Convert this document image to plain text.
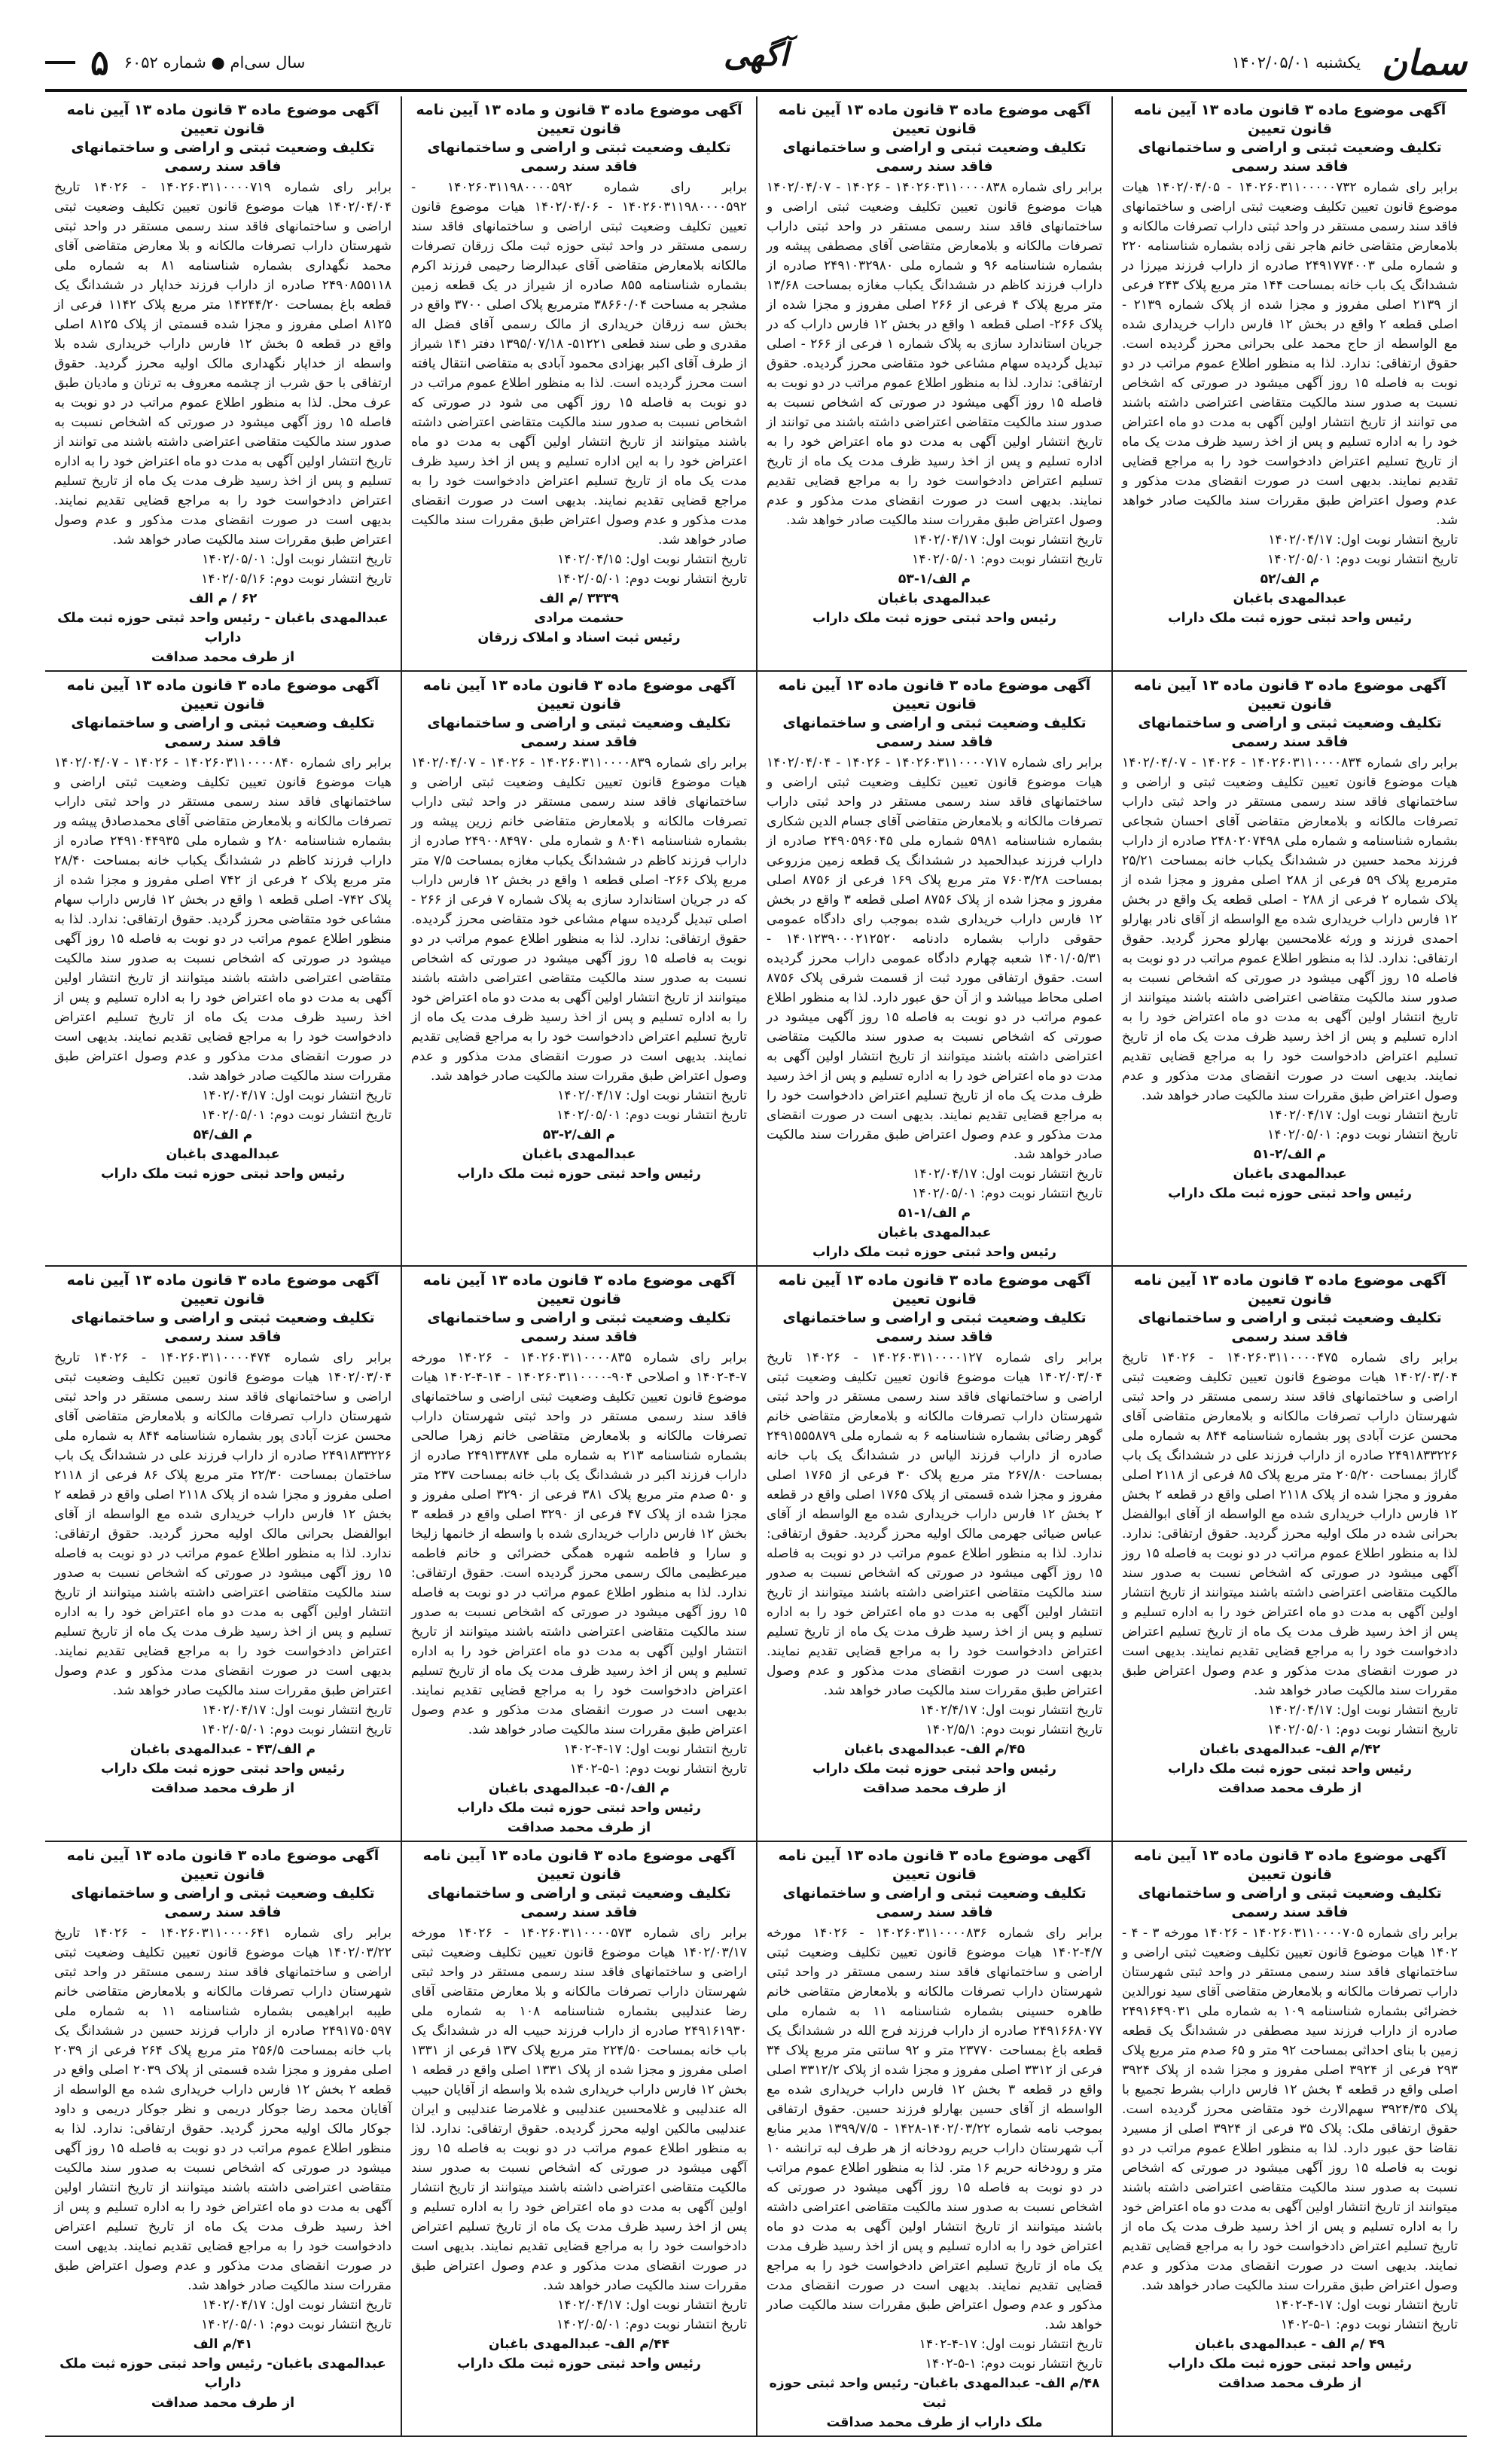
سمان
یکشنبه ۱۴۰۲/۰۵/۰۱
آگهی
سال سی‌ام ● شماره ۶۰۵۲
۵
آگهی موضوع ماده ۳ قانون ماده ۱۳ آیین نامه قانون تعیین
تکلیف وضعیت ثبتی و اراضی و ساختمانهای فاقد سند رسمی
برابر رای شماره ۱۴۰۲۶۰۳۱۱۰۰۰۰۰۷۳۲ - ۱۴۰۲/۰۴/۰۵ هیات موضوع قانون تعیین تکلیف وضعیت ثبتی اراضی و ساختمانهای فاقد سند رسمی مستقر در واحد ثبتی داراب تصرفات مالکانه و بلامعارض متقاضی خانم هاجر نقی زاده بشماره شناسنامه ۲۲۰ و شماره ملی ۲۴۹۱۷۷۴۰۰۳ صادره از داراب فرزند میرزا در ششدانگ یک باب خانه بمساحت ۱۴۴ متر مربع پلاک ۲۴۳ فرعی از ۲۱۳۹ اصلی مفروز و مجزا شده از پلاک شماره ۲۱۳۹ - اصلی قطعه ۲ واقع در بخش ۱۲ فارس داراب خریداری شده مع الواسطه از حاج محمد علی بحرانی محرز گردیده است. حقوق ارتفاقی: ندارد. لذا به منظور اطلاع عموم مراتب در دو نوبت به فاصله ۱۵ روز آگهی میشود در صورتی که اشخاص نسبت به صدور سند مالکیت متقاضی اعتراضی داشته باشند می توانند از تاریخ انتشار اولین آگهی به مدت دو ماه اعتراض خود را به اداره تسلیم و پس از اخذ رسید ظرف مدت یک ماه از تاریخ تسلیم اعتراض دادخواست خود را به مراجع قضایی تقدیم نمایند. بدیهی است در صورت انقضای مدت مذکور و عدم وصول اعتراض طبق مقررات سند مالکیت صادر خواهد شد.
تاریخ انتشار نوبت اول: ۱۴۰۲/۰۴/۱۷
تاریخ انتشار نوبت دوم: ۱۴۰۲/۰۵/۰۱
م الف/۵۲
عبدالمهدی باغبان
رئیس واحد ثبتی حوزه ثبت ملک داراب
آگهی موضوع ماده ۳ قانون ماده ۱۳ آیین نامه قانون تعیین
تکلیف وضعیت ثبتی و اراضی و ساختمانهای فاقد سند رسمی
برابر رای شماره ۱۴۰۲۶۰۳۱۱۰۰۰۰۸۳۸ - ۱۴۰۲۶ - ۱۴۰۲/۰۴/۰۷ هیات موضوع قانون تعیین تکلیف وضعیت ثبتی اراضی و ساختمانهای فاقد سند رسمی مستقر در واحد ثبتی داراب تصرفات مالکانه و بلامعارض متقاضی آقای مصطفی پیشه ور بشماره شناسنامه ۹۶ و شماره ملی ۲۴۹۱۰۳۲۹۸۰ صادره از داراب فرزند کاظم در ششدانگ یکباب مغازه بمساحت ۱۳/۶۸ متر مربع پلاک ۴ فرعی از ۲۶۶ اصلی مفروز و مجزا شده از پلاک ۲۶۶- اصلی قطعه ۱ واقع در بخش ۱۲ فارس داراب که در جریان استاندارد سازی به پلاک شماره ۱ فرعی از ۲۶۶ - اصلی تبدیل گردیده سهام مشاعی خود متقاضی محرز گردیده. حقوق ارتفاقی: ندارد. لذا به منظور اطلاع عموم مراتب در دو نوبت به فاصله ۱۵ روز آگهی میشود در صورتی که اشخاص نسبت به صدور سند مالکیت متقاضی اعتراضی داشته باشند می توانند از تاریخ انتشار اولین آگهی به مدت دو ماه اعتراض خود را به اداره تسلیم و پس از اخذ رسید ظرف مدت یک ماه از تاریخ تسلیم اعتراض دادخواست خود را به مراجع قضایی تقدیم نمایند. بدیهی است در صورت انقضای مدت مذکور و عدم وصول اعتراض طبق مقررات سند مالکیت صادر خواهد شد.
تاریخ انتشار نوبت اول: ۱۴۰۲/۰۴/۱۷
تاریخ انتشار نوبت دوم: ۱۴۰۲/۰۵/۰۱
م الف/۱-۵۳
عبدالمهدی باغبان
رئیس واحد ثبتی حوزه ثبت ملک داراب
آگهی موضوع ماده ۳ قانون و ماده ۱۳ آیین نامه قانون تعیین
تکلیف وضعیت ثبتی و اراضی و ساختمانهای فاقد سند رسمی
برابر رای شماره ۱۴۰۲۶۰۳۱۱۹۸۰۰۰۰۵۹۲ - ۱۴۰۲۶۰۳۱۱۹۸۰۰۰۰۵۹۲ - ۱۴۰۲/۰۴/۰۶ هیات موضوع قانون تعیین تکلیف وضعیت ثبتی اراضی و ساختمانهای فاقد سند رسمی مستقر در واحد ثبتی حوزه ثبت ملک زرقان تصرفات مالکانه بلامعارض متقاضی آقای عبدالرضا رحیمی فرزند اکرم بشماره شناسنامه ۸۵۵ صادره از شیراز در یک قطعه زمین مشجر به مساحت ۳۸۶۶۰/۰۴ مترمربع پلاک اصلی ۳۷۰۰ واقع در بخش سه زرقان خریداری از مالک رسمی آقای فضل اله مقدری و طی سند قطعی ۵۱۲۲۱- ۱۳۹۵/۰۷/۱۸ دفتر ۱۴۱ شیراز از طرف آقای اکبر بهزادی محمود آبادی به متقاضی انتقال یافته است محرز گردیده است. لذا به منظور اطلاع عموم مراتب در دو نوبت به فاصله ۱۵ روز آگهی می شود در صورتی که اشخاص نسبت به صدور سند مالکیت متقاضی اعتراضی داشته باشند میتوانند از تاریخ انتشار اولین آگهی به مدت دو ماه اعتراض خود را به این اداره تسلیم و پس از اخذ رسید ظرف مدت یک ماه از تاریخ تسلیم اعتراض دادخواست خود را به مراجع قضایی تقدیم نمایند. بدیهی است در صورت انقضای مدت مذکور و عدم وصول اعتراض طبق مقررات سند مالکیت صادر خواهد شد.
تاریخ انتشار نوبت اول: ۱۴۰۲/۰۴/۱۵
تاریخ انتشار نوبت دوم: ۱۴۰۲/۰۵/۰۱
۳۳۳۹ /م الف
حشمت مرادی
رئیس ثبت اسناد و املاک زرقان
آگهی موضوع ماده ۳ قانون ماده ۱۳ آیین نامه قانون تعیین
تکلیف وضعیت ثبتی و اراضی و ساختمانهای فاقد سند رسمی
برابر رای شماره ۱۴۰۲۶۰۳۱۱۰۰۰۰۷۱۹ - ۱۴۰۲۶ تاریخ ۱۴۰۲/۰۴/۰۴ هیات موضوع قانون تعیین تکلیف وضعیت ثبتی اراضی و ساختمانهای فاقد سند رسمی مستقر در واحد ثبتی شهرستان داراب تصرفات مالکانه و بلا معارض متقاضی آقای محمد نگهداری بشماره شناسنامه ۸۱ به شماره ملی ۲۴۹۰۸۵۵۱۱۸ صادره از داراب فرزند خداپار در ششدانگ یک قطعه باغ بمساحت ۱۴۲۴۴/۲۰ متر مربع پلاک ۱۱۴۲ فرعی از ۸۱۲۵ اصلی مفروز و مجزا شده قسمتی از پلاک ۸۱۲۵ اصلی واقع در قطعه ۵ بخش ۱۲ فارس داراب خریداری شده بلا واسطه از خداپار نگهداری مالک اولیه محرز گردید. حقوق ارتفاقی با حق شرب از چشمه معروف به ترنان و مادیان طبق عرف محل. لذا به منظور اطلاع عموم مراتب در دو نوبت به فاصله ۱۵ روز آگهی میشود در صورتی که اشخاص نسبت به صدور سند مالکیت متقاضی اعتراضی داشته باشند می توانند از تاریخ انتشار اولین آگهی به مدت دو ماه اعتراض خود را به اداره تسلیم و پس از اخذ رسید ظرف مدت یک ماه از تاریخ تسلیم اعتراض دادخواست خود را به مراجع قضایی تقدیم نمایند. بدیهی است در صورت انقضای مدت مذکور و عدم وصول اعتراض طبق مقررات سند مالکیت صادر خواهد شد.
تاریخ انتشار نوبت اول: ۱۴۰۲/۰۵/۰۱
تاریخ انتشار نوبت دوم: ۱۴۰۲/۰۵/۱۶
۶۲ / م الف
عبدالمهدی باغبان - رئیس واحد ثبتی حوزه ثبت ملک داراب
از طرف محمد صداقت
آگهی موضوع ماده ۳ قانون ماده ۱۳ آیین نامه قانون تعیین
تکلیف وضعیت ثبتی و اراضی و ساختمانهای فاقد سند رسمی
برابر رای شماره ۱۴۰۲۶۰۳۱۱۰۰۰۰۸۳۴ - ۱۴۰۲۶ - ۱۴۰۲/۰۴/۰۷ هیات موضوع قانون تعیین تکلیف وضعیت ثبتی و اراضی و ساختمانهای فاقد سند رسمی مستقر در واحد ثبتی داراب تصرفات مالکانه و بلامعارض متقاضی آقای احسان شجاعی بشماره شناسنامه و شماره ملی ۲۴۸۰۲۰۷۴۹۸ صادره از داراب فرزند محمد حسین در ششدانگ یکباب خانه بمساحت ۲۵/۲۱ مترمربع پلاک ۵۹ فرعی از ۲۸۸ اصلی مفروز و مجزا شده از پلاک شماره ۲ فرعی از ۲۸۸ - اصلی قطعه یک واقع در بخش ۱۲ فارس داراب خریداری شده مع الواسطه از آقای نادر بهارلو احمدی فرزند و ورثه غلامحسین بهارلو محرز گردید. حقوق ارتفاقی: ندارد. لذا به منظور اطلاع عموم مراتب در دو نوبت به فاصله ۱۵ روز آگهی میشود در صورتی که اشخاص نسبت به صدور سند مالکیت متقاضی اعتراضی داشته باشند میتوانند از تاریخ انتشار اولین آگهی به مدت دو ماه اعتراض خود را به اداره تسلیم و پس از اخذ رسید ظرف مدت یک ماه از تاریخ تسلیم اعتراض دادخواست خود را به مراجع قضایی تقدیم نمایند. بدیهی است در صورت انقضای مدت مذکور و عدم وصول اعتراض طبق مقررات سند مالکیت صادر خواهد شد.
تاریخ انتشار نوبت اول: ۱۴۰۲/۰۴/۱۷
تاریخ انتشار نوبت دوم: ۱۴۰۲/۰۵/۰۱
م الف/۲-۵۱
عبدالمهدی باغبان
رئیس واحد ثبتی حوزه ثبت ملک داراب
آگهی موضوع ماده ۳ قانون ماده ۱۳ آیین نامه قانون تعیین
تکلیف وضعیت ثبتی و اراضی و ساختمانهای فاقد سند رسمی
برابر رای شماره ۱۴۰۲۶۰۳۱۱۰۰۰۰۷۱۷ - ۱۴۰۲۶ - ۱۴۰۲/۰۴/۰۴ هیات موضوع قانون تعیین تکلیف وضعیت ثبتی اراضی و ساختمانهای فاقد سند رسمی مستقر در واحد ثبتی داراب تصرفات مالکانه و بلامعارض متقاضی آقای جسام الدین شکاری بشماره شناسنامه ۵۹۸۱ شماره ملی ۲۴۹۰۵۹۶۰۴۵ صادره از داراب فرزند عبدالحمید در ششدانگ یک قطعه زمین مزروعی بمساحت ۷۶۰۳/۲۸ متر مربع پلاک ۱۶۹ فرعی از ۸۷۵۶ اصلی مفروز و مجزا شده از پلاک ۸۷۵۶ اصلی قطعه ۳ واقع در بخش ۱۲ فارس داراب خریداری شده بموجب رای دادگاه عمومی حقوقی داراب بشماره دادنامه ۱۴۰۱۲۳۹۰۰۰۲۱۲۵۲۰ - ۱۴۰۱/۰۵/۳۱ شعبه چهارم دادگاه عمومی داراب محرز گردیده است. حقوق ارتفاقی مورد ثبت از قسمت شرقی پلاک ۸۷۵۶ اصلی محاط میباشد و از آن حق عبور دارد. لذا به منظور اطلاع عموم مراتب در دو نوبت به فاصله ۱۵ روز آگهی میشود در صورتی که اشخاص نسبت به صدور سند مالکیت متقاضی اعتراضی داشته باشند میتوانند از تاریخ انتشار اولین آگهی به مدت دو ماه اعتراض خود را به اداره تسلیم و پس از اخذ رسید ظرف مدت یک ماه از تاریخ تسلیم اعتراض دادخواست خود را به مراجع قضایی تقدیم نمایند. بدیهی است در صورت انقضای مدت مذکور و عدم وصول اعتراض طبق مقررات سند مالکیت صادر خواهد شد.
تاریخ انتشار نوبت اول: ۱۴۰۲/۰۴/۱۷
تاریخ انتشار نوبت دوم: ۱۴۰۲/۰۵/۰۱
م الف/۱-۵۱
عبدالمهدی باغبان
رئیس واحد ثبتی حوزه ثبت ملک داراب
آگهی موضوع ماده ۳ قانون ماده ۱۳ آیین نامه قانون تعیین
تکلیف وضعیت ثبتی و اراضی و ساختمانهای فاقد سند رسمی
برابر رای شماره ۱۴۰۲۶۰۳۱۱۰۰۰۰۸۳۹ - ۱۴۰۲۶ - ۱۴۰۲/۰۴/۰۷ هیات موضوع قانون تعیین تکلیف وضعیت ثبتی اراضی و ساختمانهای فاقد سند رسمی مستقر در واحد ثبتی داراب تصرفات مالکانه و بلامعارض متقاضی خانم زرین پیشه ور بشماره شناسنامه ۸۰۴۱ و شماره ملی ۲۴۹۰۰۸۴۹۷۰ صادره از داراب فرزند کاظم در ششدانگ یکباب مغازه بمساحت ۷/۵ متر مربع پلاک ۲۶۶- اصلی قطعه ۱ واقع در بخش ۱۲ فارس داراب که در جریان استاندارد سازی به پلاک شماره ۷ فرعی از ۲۶۶ - اصلی تبدیل گردیده سهام مشاعی خود متقاضی محرز گردیده. حقوق ارتفاقی: ندارد. لذا به منظور اطلاع عموم مراتب در دو نوبت به فاصله ۱۵ روز آگهی میشود در صورتی که اشخاص نسبت به صدور سند مالکیت متقاضی اعتراضی داشته باشند میتوانند از تاریخ انتشار اولین آگهی به مدت دو ماه اعتراض خود را به اداره تسلیم و پس از اخذ رسید ظرف مدت یک ماه از تاریخ تسلیم اعتراض دادخواست خود را به مراجع قضایی تقدیم نمایند. بدیهی است در صورت انقضای مدت مذکور و عدم وصول اعتراض طبق مقررات سند مالکیت صادر خواهد شد.
تاریخ انتشار نوبت اول: ۱۴۰۲/۰۴/۱۷
تاریخ انتشار نوبت دوم: ۱۴۰۲/۰۵/۰۱
م الف/۲-۵۳
عبدالمهدی باغبان
رئیس واحد ثبتی حوزه ثبت ملک داراب
آگهی موضوع ماده ۳ قانون ماده ۱۳ آیین نامه قانون تعیین
تکلیف وضعیت ثبتی و اراضی و ساختمانهای فاقد سند رسمی
برابر رای شماره ۱۴۰۲۶۰۳۱۱۰۰۰۰۸۴۰ - ۱۴۰۲۶ - ۱۴۰۲/۰۴/۰۷ هیات موضوع قانون تعیین تکلیف وضعیت ثبتی اراضی و ساختمانهای فاقد سند رسمی مستقر در واحد ثبتی داراب تصرفات مالکانه و بلامعارض متقاضی آقای محمدصادق پیشه ور بشماره شناسنامه ۲۸۰ و شماره ملی ۲۴۹۱۰۴۴۹۳۵ صادره از داراب فرزند کاظم در ششدانگ یکباب خانه بمساحت ۲۸/۴۰ متر مربع پلاک ۲ فرعی از ۷۴۲ اصلی مفروز و مجزا شده از پلاک ۷۴۲- اصلی قطعه ۱ واقع در بخش ۱۲ فارس داراب سهام مشاعی خود متقاضی محرز گردید. حقوق ارتفاقی: ندارد. لذا به منظور اطلاع عموم مراتب در دو نوبت به فاصله ۱۵ روز آگهی میشود در صورتی که اشخاص نسبت به صدور سند مالکیت متقاضی اعتراضی داشته باشند میتوانند از تاریخ انتشار اولین آگهی به مدت دو ماه اعتراض خود را به اداره تسلیم و پس از اخذ رسید ظرف مدت یک ماه از تاریخ تسلیم اعتراض دادخواست خود را به مراجع قضایی تقدیم نمایند. بدیهی است در صورت انقضای مدت مذکور و عدم وصول اعتراض طبق مقررات سند مالکیت صادر خواهد شد.
تاریخ انتشار نوبت اول: ۱۴۰۲/۰۴/۱۷
تاریخ انتشار نوبت دوم: ۱۴۰۲/۰۵/۰۱
م الف/۵۴
عبدالمهدی باغبان
رئیس واحد ثبتی حوزه ثبت ملک داراب
آگهی موضوع ماده ۳ قانون ماده ۱۳ آیین نامه قانون تعیین
تکلیف وضعیت ثبتی و اراضی و ساختمانهای فاقد سند رسمی
برابر رای شماره ۱۴۰۲۶۰۳۱۱۰۰۰۰۴۷۵ - ۱۴۰۲۶ تاریخ ۱۴۰۲/۰۳/۰۴ هیات موضوع قانون تعیین تکلیف وضعیت ثبتی اراضی و ساختمانهای فاقد سند رسمی مستقر در واحد ثبتی شهرستان داراب تصرفات مالکانه و بلامعارض متقاضی آقای محسن عزت آبادی پور بشماره شناسنامه ۸۴۴ به شماره ملی ۲۴۹۱۸۳۳۲۲۶ صادره از داراب فرزند علی در ششدانگ یک باب گاراژ بمساحت ۲۰۵/۲۰ متر مربع پلاک ۸۵ فرعی از ۲۱۱۸ اصلی مفروز و مجزا شده از پلاک ۲۱۱۸ اصلی واقع در قطعه ۲ بخش ۱۲ فارس داراب خریداری شده مع الواسطه از آقای ابوالفضل بحرانی شده در ملک اولیه محرز گردید. حقوق ارتفاقی: ندارد. لذا به منظور اطلاع عموم مراتب در دو نوبت به فاصله ۱۵ روز آگهی میشود در صورتی که اشخاص نسبت به صدور سند مالکیت متقاضی اعتراضی داشته باشند میتوانند از تاریخ انتشار اولین آگهی به مدت دو ماه اعتراض خود را به اداره تسلیم و پس از اخذ رسید ظرف مدت یک ماه از تاریخ تسلیم اعتراض دادخواست خود را به مراجع قضایی تقدیم نمایند. بدیهی است در صورت انقضای مدت مذکور و عدم وصول اعتراض طبق مقررات سند مالکیت صادر خواهد شد.
تاریخ انتشار نوبت اول: ۱۴۰۲/۰۴/۱۷
تاریخ انتشار نوبت دوم: ۱۴۰۲/۰۵/۰۱
۴۲/م الف- عبدالمهدی باغبان
رئیس واحد ثبتی حوزه ثبت ملک داراب
از طرف محمد صداقت
آگهی موضوع ماده ۳ قانون ماده ۱۳ آیین نامه قانون تعیین
تکلیف وضعیت ثبتی و اراضی و ساختمانهای فاقد سند رسمی
برابر رای شماره ۱۴۰۲۶۰۳۱۱۰۰۰۰۱۲۷ - ۱۴۰۲۶ تاریخ ۱۴۰۲/۰۳/۰۴ هیات موضوع قانون تعیین تکلیف وضعیت ثبتی اراضی و ساختمانهای فاقد سند رسمی مستقر در واحد ثبتی شهرستان داراب تصرفات مالکانه و بلامعارض متقاضی خانم گوهر رضائی بشماره شناسنامه ۶ به شماره ملی ۲۴۹۱۵۵۵۸۷۹ صادره از داراب فرزند الیاس در ششدانگ یک باب خانه بمساحت ۲۶۷/۸۰ متر مربع پلاک ۳۰ فرعی از ۱۷۶۵ اصلی مفروز و مجزا شده قسمتی از پلاک ۱۷۶۵ اصلی واقع در قطعه ۲ بخش ۱۲ فارس داراب خریداری شده مع الواسطه از آقای عباس ضیائی جهرمی مالک اولیه محرز گردید. حقوق ارتفاقی: ندارد. لذا به منظور اطلاع عموم مراتب در دو نوبت به فاصله ۱۵ روز آگهی میشود در صورتی که اشخاص نسبت به صدور سند مالکیت متقاضی اعتراضی داشته باشند میتوانند از تاریخ انتشار اولین آگهی به مدت دو ماه اعتراض خود را به اداره تسلیم و پس از اخذ رسید ظرف مدت یک ماه از تاریخ تسلیم اعتراض دادخواست خود را به مراجع قضایی تقدیم نمایند. بدیهی است در صورت انقضای مدت مذکور و عدم وصول اعتراض طبق مقررات سند مالکیت صادر خواهد شد.
تاریخ انتشار نوبت اول: ۱۴۰۲/۴/۱۷
تاریخ انتشار نوبت دوم: ۱۴۰۲/۵/۱
۴۵/م الف- عبدالمهدی باغبان
رئیس واحد ثبتی حوزه ثبت ملک داراب
از طرف محمد صداقت
آگهی موضوع ماده ۳ قانون ماده ۱۳ آیین نامه قانون تعیین
تکلیف وضعیت ثبتی و اراضی و ساختمانهای فاقد سند رسمی
برابر رای شماره ۱۴۰۲۶۰۳۱۱۰۰۰۰۸۳۵ - ۱۴۰۲۶ مورخه ۷-۴-۱۴۰۲ و اصلاحی ۹۰۴-۱۴۰۲۶۰۳۱۱۰۰۰۰ - ۱۴-۴-۱۴۰۲ هیات موضوع قانون تعیین تکلیف وضعیت ثبتی اراضی و ساختمانهای فاقد سند رسمی مستقر در واحد ثبتی شهرستان داراب تصرفات مالکانه و بلامعارض متقاضی خانم زهرا صالحی بشماره شناسنامه ۲۱۳ به شماره ملی ۲۴۹۱۳۳۸۷۴ صادره از داراب فرزند اکبر در ششدانگ یک باب خانه بمساحت ۲۳۷ متر و ۵۰ صدم متر مربع پلاک ۳۸۱ فرعی از ۳۲۹۰ اصلی مفروز و مجزا شده از پلاک ۴۷ فرعی از ۳۲۹۰ اصلی واقع در قطعه ۳ بخش ۱۲ فارس داراب خریداری شده با واسطه از خانمها زلیخا و سارا و فاطمه شهره همگی خضرائی و خانم فاطمه میرعظیمی مالک رسمی محرز گردیده است. حقوق ارتفاقی: ندارد. لذا به منظور اطلاع عموم مراتب در دو نوبت به فاصله ۱۵ روز آگهی میشود در صورتی که اشخاص نسبت به صدور سند مالکیت متقاضی اعتراضی داشته باشند میتوانند از تاریخ انتشار اولین آگهی به مدت دو ماه اعتراض خود را به اداره تسلیم و پس از اخذ رسید ظرف مدت یک ماه از تاریخ تسلیم اعتراض دادخواست خود را به مراجع قضایی تقدیم نمایند. بدیهی است در صورت انقضای مدت مذکور و عدم وصول اعتراض طبق مقررات سند مالکیت صادر خواهد شد.
تاریخ انتشار نوبت اول: ۱۷-۴-۱۴۰۲
تاریخ انتشار نوبت دوم: ۱-۵-۱۴۰۲
م الف/۵۰- عبدالمهدی باغبان
رئیس واحد ثبتی حوزه ثبت ملک داراب
از طرف محمد صداقت
آگهی موضوع ماده ۳ قانون ماده ۱۳ آیین نامه قانون تعیین
تکلیف وضعیت ثبتی و اراضی و ساختمانهای فاقد سند رسمی
برابر رای شماره ۱۴۰۲۶۰۳۱۱۰۰۰۰۴۷۴ - ۱۴۰۲۶ تاریخ ۱۴۰۲/۰۳/۰۴ هیات موضوع قانون تعیین تکلیف وضعیت ثبتی اراضی و ساختمانهای فاقد سند رسمی مستقر در واحد ثبتی شهرستان داراب تصرفات مالکانه و بلامعارض متقاضی آقای محسن عزت آبادی پور بشماره شناسنامه ۸۴۴ به شماره ملی ۲۴۹۱۸۳۳۲۲۶ صادره از داراب فرزند علی در ششدانگ یک باب ساختمان بمساحت ۲۲/۳۰ متر مربع پلاک ۸۶ فرعی از ۲۱۱۸ اصلی مفروز و مجزا شده از پلاک ۲۱۱۸ اصلی واقع در قطعه ۲ بخش ۱۲ فارس داراب خریداری شده مع الواسطه از آقای ابوالفضل بحرانی مالک اولیه محرز گردید. حقوق ارتفاقی: ندارد. لذا به منظور اطلاع عموم مراتب در دو نوبت به فاصله ۱۵ روز آگهی میشود در صورتی که اشخاص نسبت به صدور سند مالکیت متقاضی اعتراضی داشته باشند میتوانند از تاریخ انتشار اولین آگهی به مدت دو ماه اعتراض خود را به اداره تسلیم و پس از اخذ رسید ظرف مدت یک ماه از تاریخ تسلیم اعتراض دادخواست خود را به مراجع قضایی تقدیم نمایند. بدیهی است در صورت انقضای مدت مذکور و عدم وصول اعتراض طبق مقررات سند مالکیت صادر خواهد شد.
تاریخ انتشار نوبت اول: ۱۴۰۲/۰۴/۱۷
تاریخ انتشار نوبت دوم: ۱۴۰۲/۰۵/۰۱
م الف/۴۳ - عبدالمهدی باغبان
رئیس واحد ثبتی حوزه ثبت ملک داراب
از طرف محمد صداقت
آگهی موضوع ماده ۳ قانون ماده ۱۳ آیین نامه قانون تعیین
تکلیف وضعیت ثبتی و اراضی و ساختمانهای فاقد سند رسمی
برابر رای شماره ۱۴۰۲۶۰۳۱۱۰۰۰۰۷۰۵ - ۱۴۰۲۶ مورخه ۳ - ۴ - ۱۴۰۲ هیات موضوع قانون تعیین تکلیف وضعیت ثبتی اراضی و ساختمانهای فاقد سند رسمی مستقر در واحد ثبتی شهرستان داراب تصرفات مالکانه و بلامعارض متقاضی آقای سید نورالدین خضرائی بشماره شناسنامه ۱۰۹ به شماره ملی ۲۴۹۱۶۴۹۰۳۱ صادره از داراب فرزند سید مصطفی در ششدانگ یک قطعه زمین با بنای احداثی بمساحت ۹۲ متر و ۶۵ صدم متر مربع پلاک ۲۹۳ فرعی از ۳۹۲۴ اصلی مفروز و مجزا شده از پلاک ۳۹۲۴ اصلی واقع در قطعه ۴ بخش ۱۲ فارس داراب بشرط تجمیع با پلاک ۳۹۲۴/۳۵ سهم‌الارث خود متقاضی محرز گردیده است. حقوق ارتفاقی ملک: پلاک ۳۵ فرعی از ۳۹۲۴ اصلی از مسیرد نقاضا حق عبور دارد. لذا به منظور اطلاع عموم مراتب در دو نوبت به فاصله ۱۵ روز آگهی میشود در صورتی که اشخاص نسبت به صدور سند مالکیت متقاضی اعتراضی داشته باشند میتوانند از تاریخ انتشار اولین آگهی به مدت دو ماه اعتراض خود را به اداره تسلیم و پس از اخذ رسید ظرف مدت یک ماه از تاریخ تسلیم اعتراض دادخواست خود را به مراجع قضایی تقدیم نمایند. بدیهی است در صورت انقضای مدت مذکور و عدم وصول اعتراض طبق مقررات سند مالکیت صادر خواهد شد.
تاریخ انتشار نوبت اول: ۱۷-۴-۱۴۰۲
تاریخ انتشار نوبت دوم: ۱-۵-۱۴۰۲
۴۹ /م الف - عبدالمهدی باغبان
رئیس واحد ثبتی حوزه ثبت ملک داراب
از طرف محمد صداقت
آگهی موضوع ماده ۳ قانون ماده ۱۳ آیین نامه قانون تعیین
تکلیف وضعیت ثبتی و اراضی و ساختمانهای فاقد سند رسمی
برابر رای شماره ۱۴۰۲۶۰۳۱۱۰۰۰۰۸۳۶ - ۱۴۰۲۶ مورخه ۴/۷-۱۴۰۲ هیات موضوع قانون تعیین تکلیف وضعیت ثبتی اراضی و ساختمانهای فاقد سند رسمی مستقر در واحد ثبتی شهرستان داراب تصرفات مالکانه و بلامعارض متقاضی خانم طاهره حسینی بشماره شناسنامه ۱۱ به شماره ملی ۲۴۹۱۶۶۸۰۷۷ صادره از داراب فرزند فرج الله در ششدانگ یک قطعه باغ بمساحت ۲۳۷۷۰ متر و ۹۲ سانتی متر مربع پلاک ۳۴ فرعی از ۳۳۱۲ اصلی مفروز و مجزا شده از پلاک ۳۳۱۲/۲ اصلی واقع در قطعه ۳ بخش ۱۲ فارس داراب خریداری شده مع الواسطه از آقای حسین بهارلو فرزند حسین. حقوق ارتفاقی بموجب نامه شماره ۱۴۰۲/۰۳/۲۲-۱۴۲۸ - ۱۳۹۹/۷/۵ مدیر منابع آب شهرستان داراب حریم رودخانه از هر طرف لبه ترانشه ۱۰ متر و رودخانه حریم ۱۶ متر. لذا به منظور اطلاع عموم مراتب در دو نوبت به فاصله ۱۵ روز آگهی میشود در صورتی که اشخاص نسبت به صدور سند مالکیت متقاضی اعتراضی داشته باشند میتوانند از تاریخ انتشار اولین آگهی به مدت دو ماه اعتراض خود را به اداره تسلیم و پس از اخذ رسید ظرف مدت یک ماه از تاریخ تسلیم اعتراض دادخواست خود را به مراجع قضایی تقدیم نمایند. بدیهی است در صورت انقضای مدت مذکور و عدم وصول اعتراض طبق مقررات سند مالکیت صادر خواهد شد.
تاریخ انتشار نوبت اول: ۱۷-۴-۱۴۰۲
تاریخ انتشار نوبت دوم: ۱-۵-۱۴۰۲
۴۸/م الف- عبدالمهدی باغبان- رئیس واحد ثبتی حوزه ثبت
ملک داراب از طرف محمد صداقت
آگهی موضوع ماده ۳ قانون ماده ۱۳ آیین نامه قانون تعیین
تکلیف وضعیت ثبتی و اراضی و ساختمانهای فاقد سند رسمی
برابر رای شماره ۱۴۰۲۶۰۳۱۱۰۰۰۰۵۷۳ - ۱۴۰۲۶ مورخه ۱۴۰۲/۰۳/۱۷ هیات موضوع قانون تعیین تکلیف وضعیت ثبتی اراضی و ساختمانهای فاقد سند رسمی مستقر در واحد ثبتی شهرستان داراب تصرفات مالکانه و بلا معارض متقاضی آقای رضا عندلیبی بشماره شناسنامه ۱۰۸ به شماره ملی ۲۴۹۱۶۱۹۳۰ صادره از داراب فرزند حبیب اله در ششدانگ یک باب خانه بمساحت ۲۲۴/۵۰ متر مربع پلاک ۱۳۷ فرعی از ۱۳۳۱ اصلی مفروز و مجزا شده از پلاک ۱۳۳۱ اصلی واقع در قطعه ۱ بخش ۱۲ فارس داراب خریداری شده بلا واسطه از آقایان حبیب اله عندلیبی و غلامحسین عندلیبی و غلامرضا عندلیبی و ایران عندلیبی مالکین اولیه محرز گردیده. حقوق ارتفاقی: ندارد. لذا به منظور اطلاع عموم مراتب در دو نوبت به فاصله ۱۵ روز آگهی میشود در صورتی که اشخاص نسبت به صدور سند مالکیت متقاضی اعتراضی داشته باشند میتوانند از تاریخ انتشار اولین آگهی به مدت دو ماه اعتراض خود را به اداره تسلیم و پس از اخذ رسید ظرف مدت یک ماه از تاریخ تسلیم اعتراض دادخواست خود را به مراجع قضایی تقدیم نمایند. بدیهی است در صورت انقضای مدت مذکور و عدم وصول اعتراض طبق مقررات سند مالکیت صادر خواهد شد.
تاریخ انتشار نوبت اول: ۱۴۰۲/۰۴/۱۷
تاریخ انتشار نوبت دوم: ۱۴۰۲/۰۵/۰۱
۴۴/م الف- عبدالمهدی باغبان
رئیس واحد ثبتی حوزه ثبت ملک داراب
آگهی موضوع ماده ۳ قانون ماده ۱۳ آیین نامه قانون تعیین
تکلیف وضعیت ثبتی و اراضی و ساختمانهای فاقد سند رسمی
برابر رای شماره ۱۴۰۲۶۰۳۱۱۰۰۰۰۶۴۱ - ۱۴۰۲۶ تاریخ ۱۴۰۲/۰۳/۲۲ هیات موضوع قانون تعیین تکلیف وضعیت ثبتی اراضی و ساختمانهای فاقد سند رسمی مستقر در واحد ثبتی شهرستان داراب تصرفات مالکانه و بلامعارض متقاضی خانم طیبه ابراهیمی بشماره شناسنامه ۱۱ به شماره ملی ۲۴۹۱۷۵۰۵۹۷ صادره از داراب فرزند حسین در ششدانگ یک باب خانه بمساحت ۲۵۶/۵ متر مربع پلاک ۲۶۴ فرعی از ۲۰۳۹ اصلی مفروز و مجزا شده قسمتی از پلاک ۲۰۳۹ اصلی واقع در قطعه ۲ بخش ۱۲ فارس داراب خریداری شده مع الواسطه از آقایان محمد رضا جوکار دریمی و نظر جوکار دریمی و داود جوکار مالک اولیه محرز گردید. حقوق ارتفاقی: ندارد. لذا به منظور اطلاع عموم مراتب در دو نوبت به فاصله ۱۵ روز آگهی میشود در صورتی که اشخاص نسبت به صدور سند مالکیت متقاضی اعتراضی داشته باشند میتوانند از تاریخ انتشار اولین آگهی به مدت دو ماه اعتراض خود را به اداره تسلیم و پس از اخذ رسید ظرف مدت یک ماه از تاریخ تسلیم اعتراض دادخواست خود را به مراجع قضایی تقدیم نمایند. بدیهی است در صورت انقضای مدت مذکور و عدم وصول اعتراض طبق مقررات سند مالکیت صادر خواهد شد.
تاریخ انتشار نوبت اول: ۱۴۰۲/۰۴/۱۷
تاریخ انتشار نوبت دوم: ۱۴۰۲/۰۵/۰۱
۴۱/م الف
عبدالمهدی باغبان- رئیس واحد ثبتی حوزه ثبت ملک داراب
از طرف محمد صداقت
